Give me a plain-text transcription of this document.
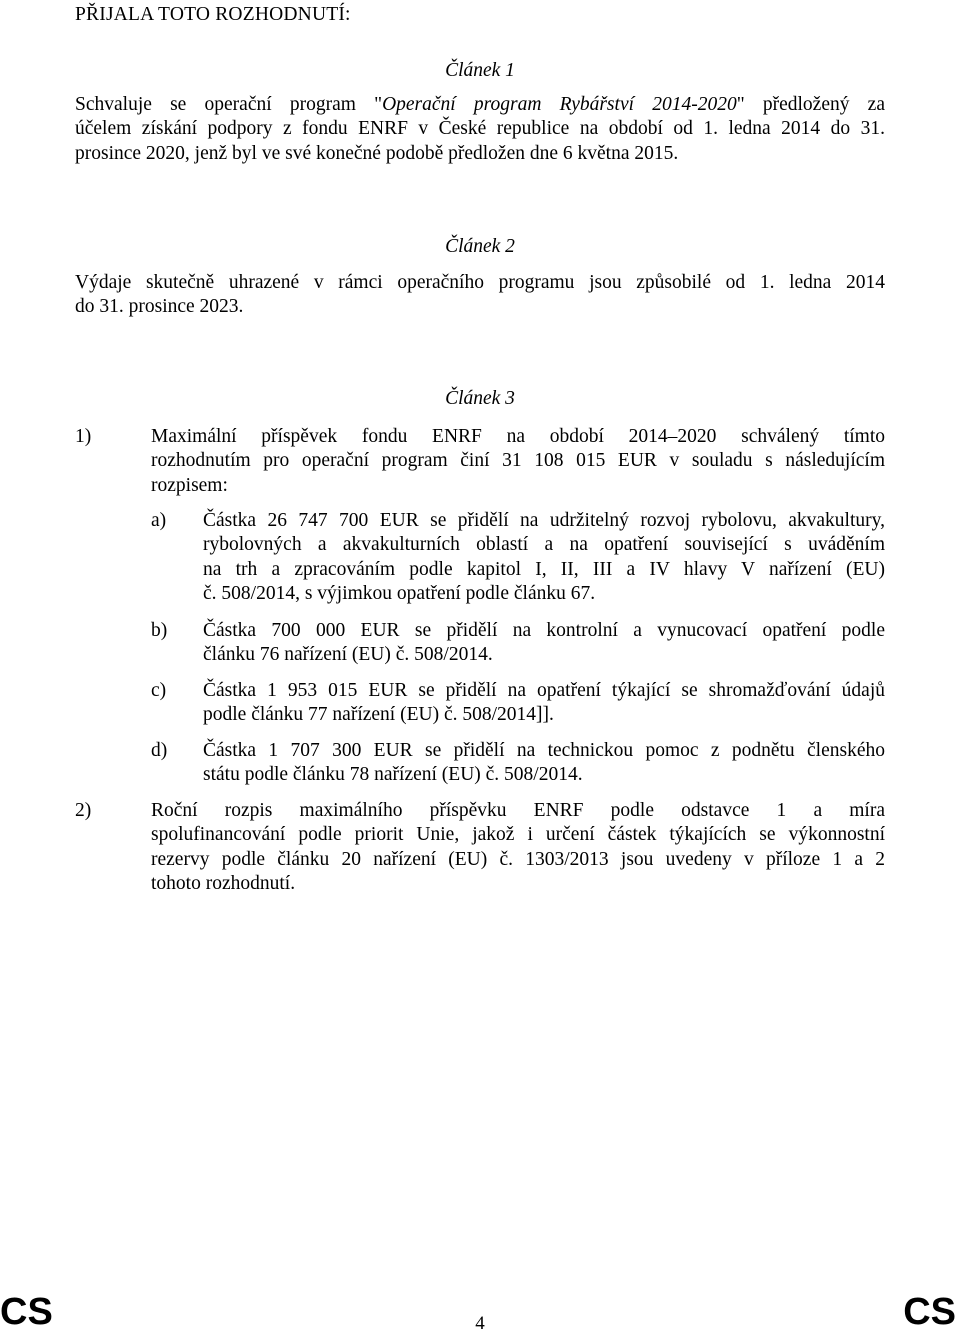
PŘIJALA TOTO ROZHODNUTÍ:
Článek 1
Schvaluje se operační program "Operační program Rybářství 2014-2020" předložený za
účelem získání podpory z fondu ENRF v České republice na období od 1. ledna 2014 do 31.
prosince 2020, jenž byl ve své konečné podobě předložen dne 6 května 2015.
Článek 2
Výdaje skutečně uhrazené v rámci operačního programu jsou způsobilé od 1. ledna 2014
do 31. prosince 2023.
Článek 3
1)	Maximální příspěvek fondu ENRF na období 2014–2020 schválený tímto
rozhodnutím pro operační program činí 31 108 015 EUR v souladu s následujícím
rozpisem:
a) Částka 26 747 700 EUR se přidělí na udržitelný rozvoj rybolovu, akvakultury,
rybolovných a akvakulturních oblastí a na opatření související s uváděním
na trh a zpracováním podle kapitol I, II, III a IV hlavy V nařízení (EU)
č. 508/2014, s výjimkou opatření podle článku 67.
b) Částka 700 000 EUR se přidělí na kontrolní a vynucovací opatření podle
článku 76 nařízení (EU) č. 508/2014.
c) Částka 1 953 015 EUR se přidělí na opatření týkající se shromažďování údajů
podle článku 77 nařízení (EU) č. 508/2014]].
d) Částka 1 707 300 EUR se přidělí na technickou pomoc z podnětu členského
státu podle článku 78 nařízení (EU) č. 508/2014.
2)	Roční rozpis maximálního příspěvku ENRF podle odstavce 1 a míra
spolufinancování podle priorit Unie, jakož i určení částek týkajících se výkonnostní
rezervy podle článku 20 nařízení (EU) č. 1303/2013 jsou uvedeny v příloze 1 a 2
tohoto rozhodnutí.
CS	4	CS
